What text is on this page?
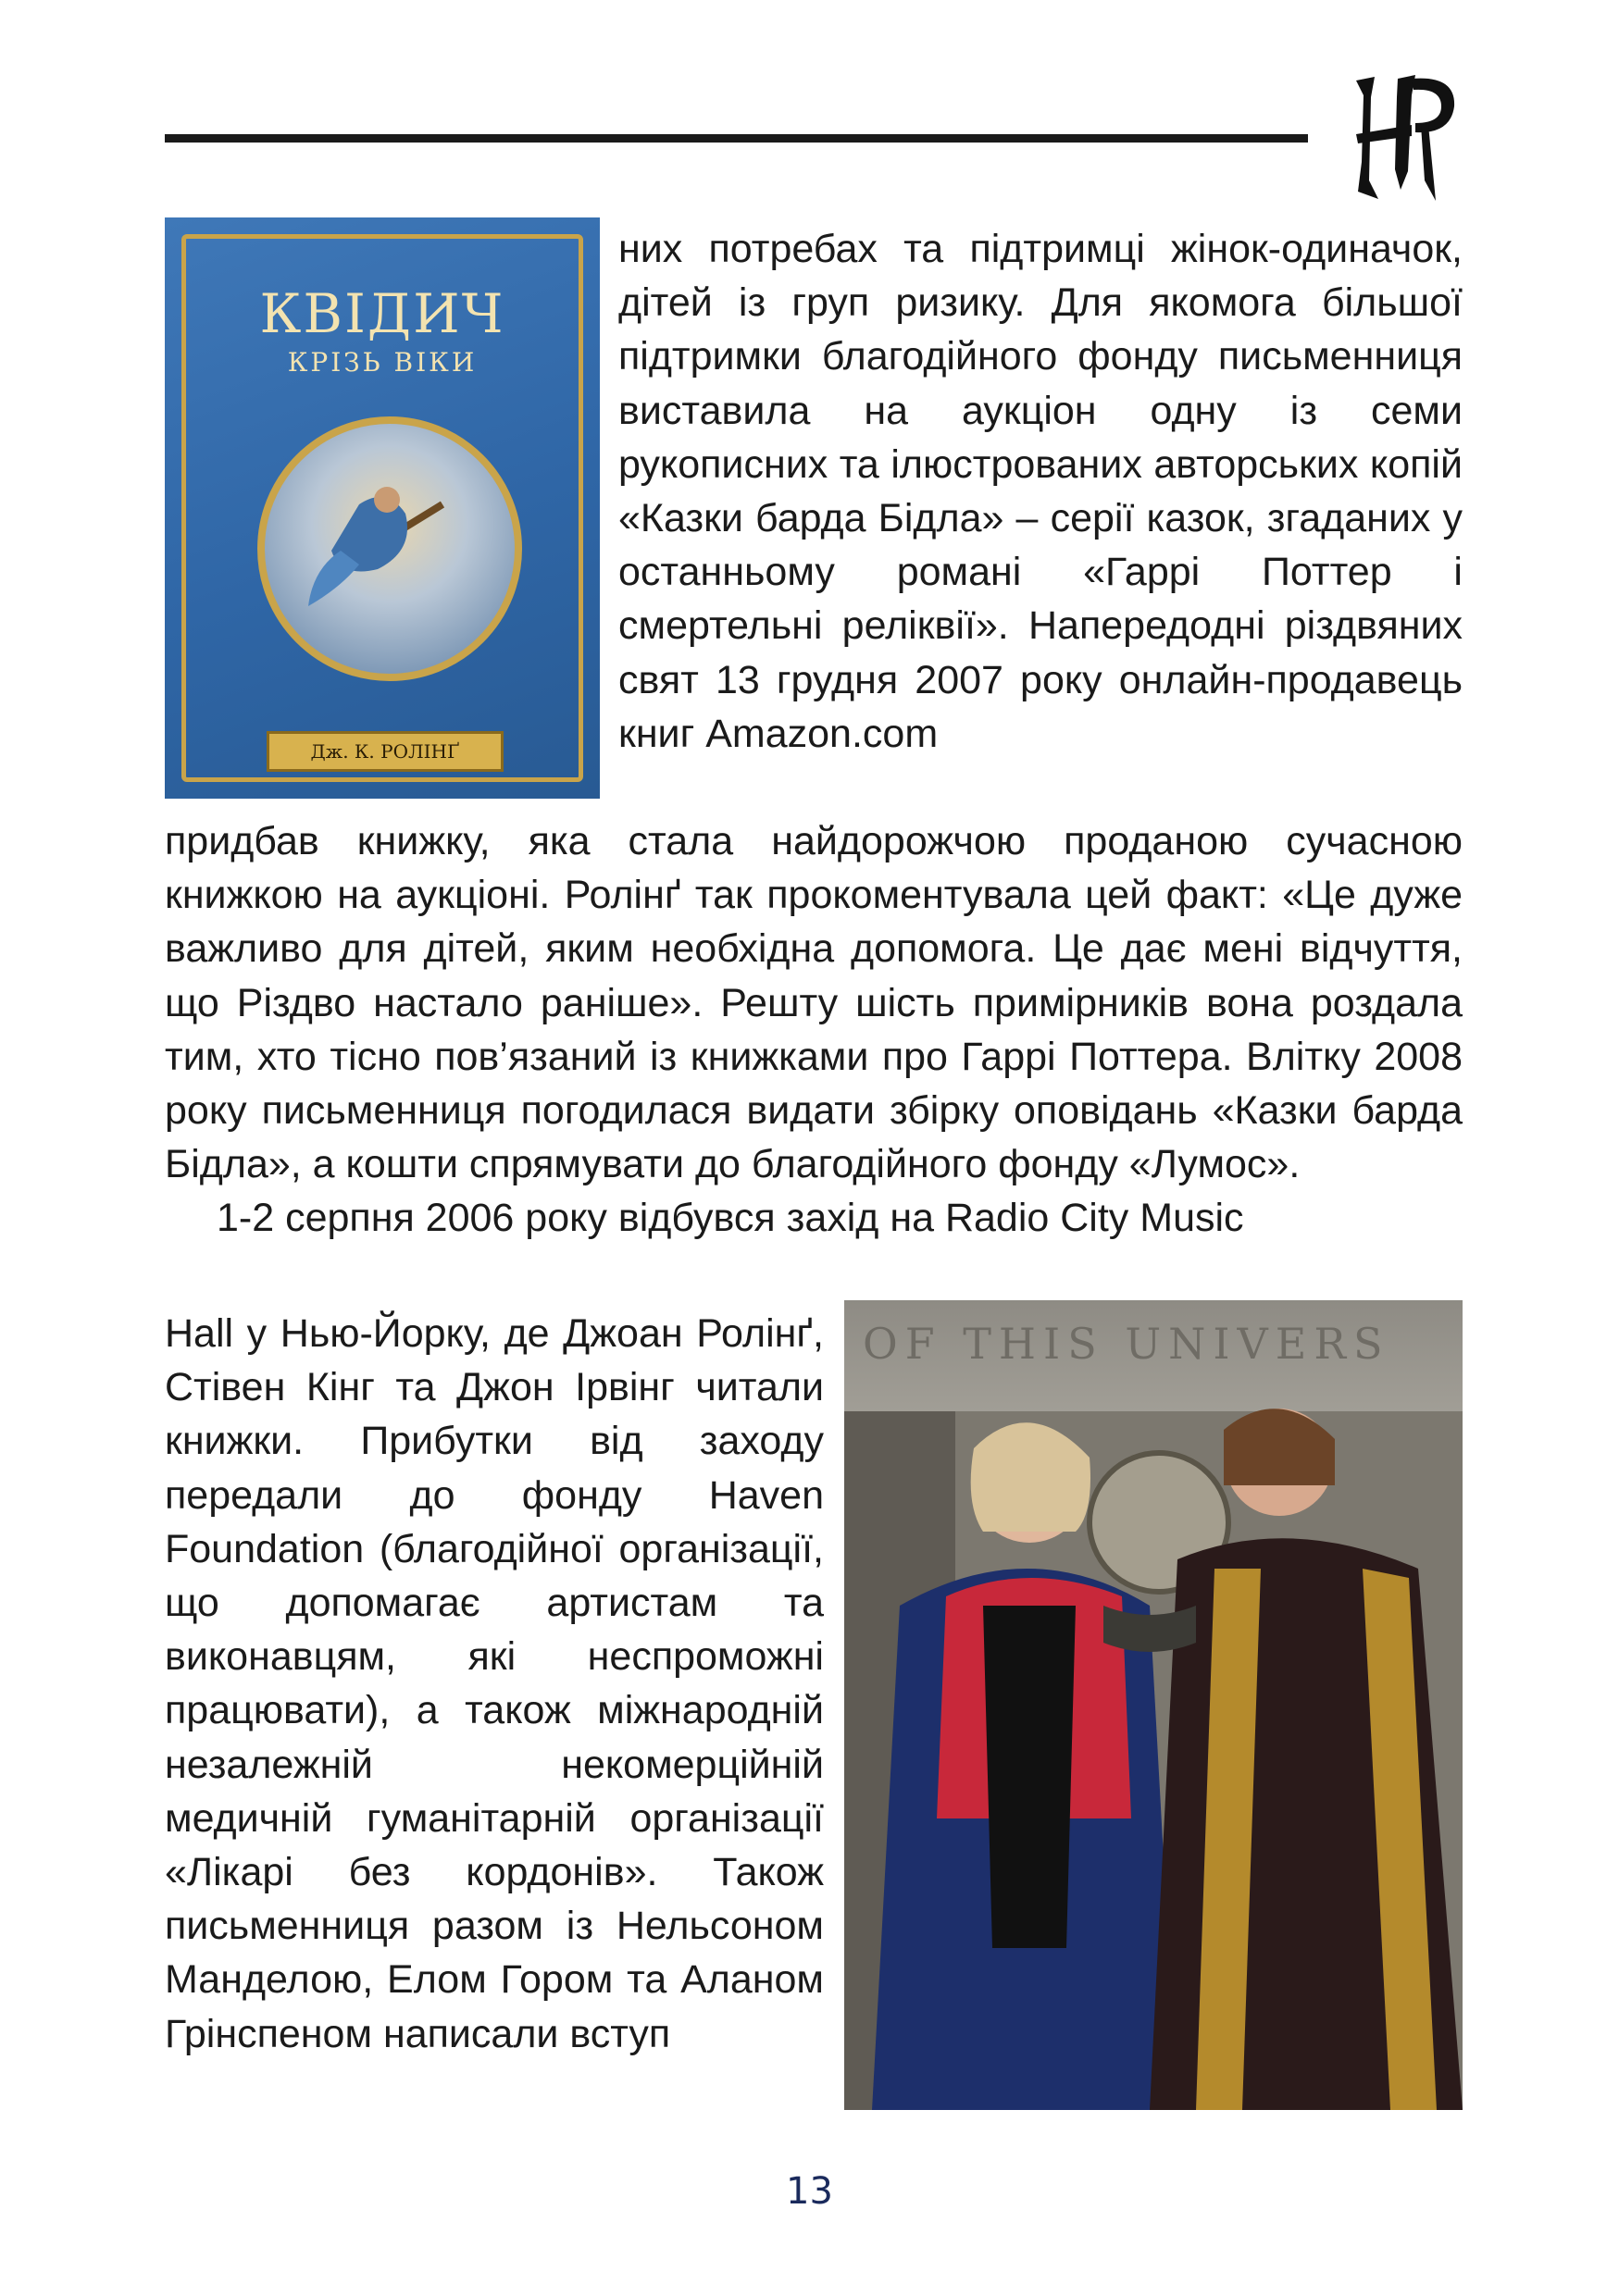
КВІДИЧ
КРІЗЬ ВІКИ
Дж. К. РОЛІНҐ
OF THIS UNIVERS

них потребах та підтримці жінок-одиначок, дітей із груп ризику. Для якомога більшої підтримки благодійного фонду письменниця виставила на аукціон одну із семи рукописних та ілюстрованих авторських копій «Казки барда Бідла» – серії казок, згаданих у останньому романі «Гаррі Поттер і смертельні реліквії». Напередодні різдвяних свят 13 грудня 2007 року онлайн-продавець книг Amazon.com

придбав книжку, яка стала найдорожчою проданою сучасною книжкою на аукціоні. Ролінґ так прокоментувала цей факт: «Це дуже важливо для дітей, яким необхідна допомога. Це дає мені відчуття, що Різдво настало раніше». Решту шість примірників вона роздала тим, хто тісно пов’язаний із книжками про Гаррі Поттера. Влітку 2008 року письменниця погодилася видати збірку оповідань «Казки барда Бідла», а кошти спрямувати до благодійного фонду «Лумос».

1-2 серпня 2006 року відбувся захід на Radio City Music

Hall у Нью-Йорку, де Джоан Ролінґ, Стівен Кінг та Джон Ірвінг читали книжки. Прибутки від заходу передали до фонду Haven Foundation (благодійної організації, що допомагає артистам та виконавцям, які неспроможні працювати), а також міжнародній незалежній некомерційній медичній гуманітарній організації «Лікарі без кордонів». Також письменниця разом із Нельсоном Манделою, Елом Гором та Аланом Грінспеном написали вступ

13
